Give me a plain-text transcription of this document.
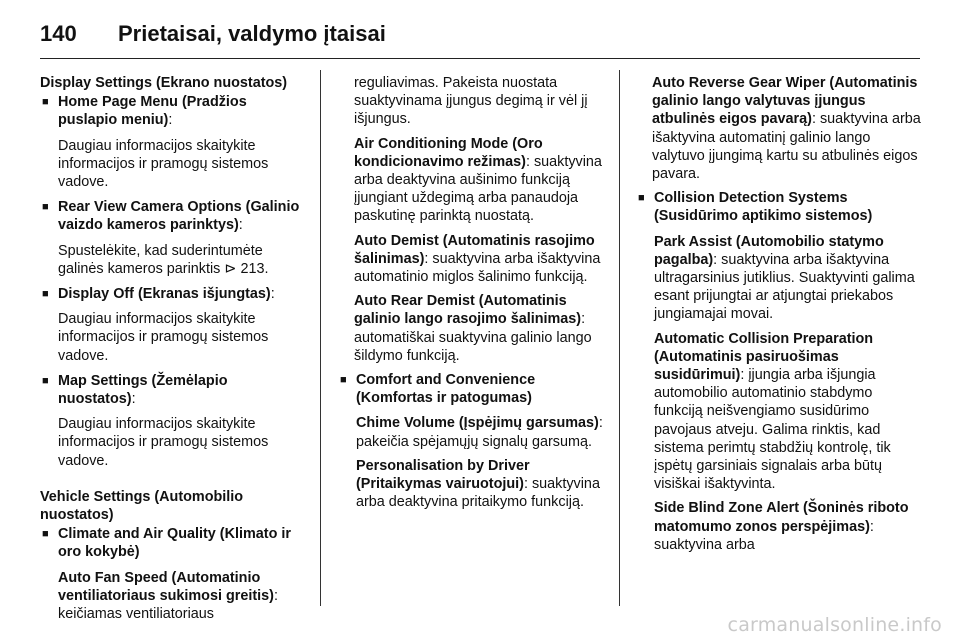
140	Prietaisai, valdymo įtaisai

Display Settings (Ekrano nuostatos)

■ Home Page Menu (Pradžios puslapio meniu):

Daugiau informacijos skaitykite informacijos ir pramogų sistemos vadove.

■ Rear View Camera Options (Galinio vaizdo kameros parinktys):

Spustelėkite, kad suderintumėte galinės kameros parinktis ⊳ 213.

■ Display Off (Ekranas išjungtas):

Daugiau informacijos skaitykite informacijos ir pramogų sistemos vadove.

■ Map Settings (Žemėlapio nuostatos):

Daugiau informacijos skaitykite informacijos ir pramogų sistemos vadove.

Vehicle Settings (Automobilio nuostatos)

■ Climate and Air Quality (Klimato ir oro kokybė)

Auto Fan Speed (Automatinio ventiliatoriaus sukimosi greitis): keičiamas ventiliatoriaus

reguliavimas. Pakeista nuostata suaktyvinama įjungus degimą ir vėl jį išjungus.

Air Conditioning Mode (Oro kondicionavimo režimas): suaktyvina arba deaktyvina aušinimo funkciją įjungiant uždegimą arba panaudoja paskutinę parinktą nuostatą.

Auto Demist (Automatinis rasojimo šalinimas): suaktyvina arba išaktyvina automatinio miglos šalinimo funkciją.

Auto Rear Demist (Automatinis galinio lango rasojimo šalinimas): automatiškai suaktyvina galinio lango šildymo funkciją.

■ Comfort and Convenience (Komfortas ir patogumas)

Chime Volume (Įspėjimų garsumas): pakeičia spėjamųjų signalų garsumą.

Personalisation by Driver (Pritaikymas vairuotojui): suaktyvina arba deaktyvina pritaikymo funkciją.

Auto Reverse Gear Wiper (Automatinis galinio lango valytuvas įjungus atbulinės eigos pavarą): suaktyvina arba išaktyvina automatinį galinio lango valytuvo įjungimą kartu su atbulinės eigos pavara.

■ Collision Detection Systems (Susidūrimo aptikimo sistemos)

Park Assist (Automobilio statymo pagalba): suaktyvina arba išaktyvina ultragarsinius jutiklius. Suaktyvinti galima esant prijungtai ar atjungtai priekabos jungiamajai movai.

Automatic Collision Preparation (Automatinis pasiruošimas susidūrimui): įjungia arba išjungia automobilio automatinio stabdymo funkciją neišvengiamo susidūrimo pavojaus atveju. Galima rinktis, kad sistema perimtų stabdžių kontrolę, tik įspėtų garsiniais signalais arba būtų visiškai išaktyvinta.

Side Blind Zone Alert (Šoninės riboto matomumo zonos perspėjimas): suaktyvina arba

carmanualsonline.info
